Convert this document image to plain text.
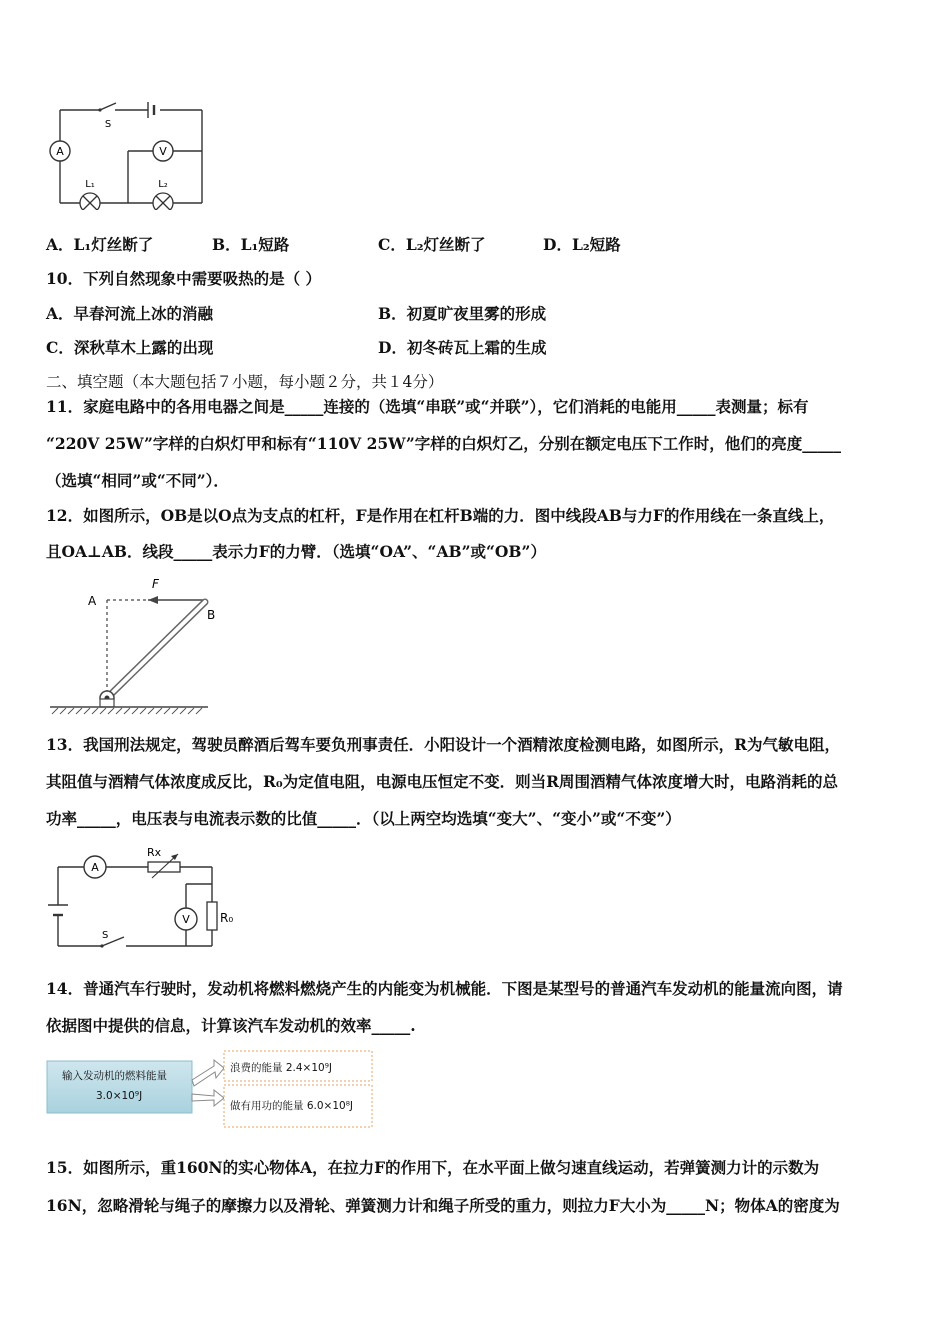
A	V
L₁	L₂
S
A．L₁灯丝断了	B．L₁短路	C．L₂灯丝断了	D．L₂短路
10．下列自然现象中需要吸热的是（ ）
A．早春河流上冰的消融	B．初夏旷夜里雾的形成
C．深秋草木上露的出现	D．初冬砖瓦上霜的生成
二、填空题（本大题包括７小题，每小题２分，共１4分）
11．家庭电路中的各用电器之间是_____连接的（选填“串联”或“并联”），它们消耗的电能用_____表测量；标有
“220V 25W”字样的白炽灯甲和标有“110V 25W”字样的白炽灯乙，分别在额定电压下工作时，他们的亮度_____
（选填“相同”或“不同”）．
12．如图所示，OB是以O点为支点的杠杆，F是作用在杠杆B端的力．图中线段AB与力F的作用线在一条直线上，
且OA⊥AB．线段_____表示力F的力臂．（选填“OA”、“AB”或“OB”）
A
F
B
13．我国刑法规定，驾驶员醉酒后驾车要负刑事责任．小阳设计一个酒精浓度检测电路，如图所示，R为气敏电阻，
其阻值与酒精气体浓度成反比，R₀为定值电阻，电源电压恒定不变．则当R周围酒精气体浓度增大时，电路消耗的总
功率_____，电压表与电流表示数的比值_____．（以上两空均选填“变大”、“变小”或“不变”）
A
Rx
V	R₀
S
14．普通汽车行驶时，发动机将燃料燃烧产生的内能变为机械能．下图是某型号的普通汽车发动机的能量流向图，请
依据图中提供的信息，计算该汽车发动机的效率_____.
输入发动机的燃料能量
3.0×10⁹J
浪费的能量 2.4×10⁹J
做有用功的能量 6.0×10⁸J
15．如图所示，重160N的实心物体A，在拉力F的作用下，在水平面上做匀速直线运动，若弹簧测力计的示数为
16N，忽略滑轮与绳子的摩擦力以及滑轮、弹簧测力计和绳子所受的重力，则拉力F大小为_____N；物体A的密度为
